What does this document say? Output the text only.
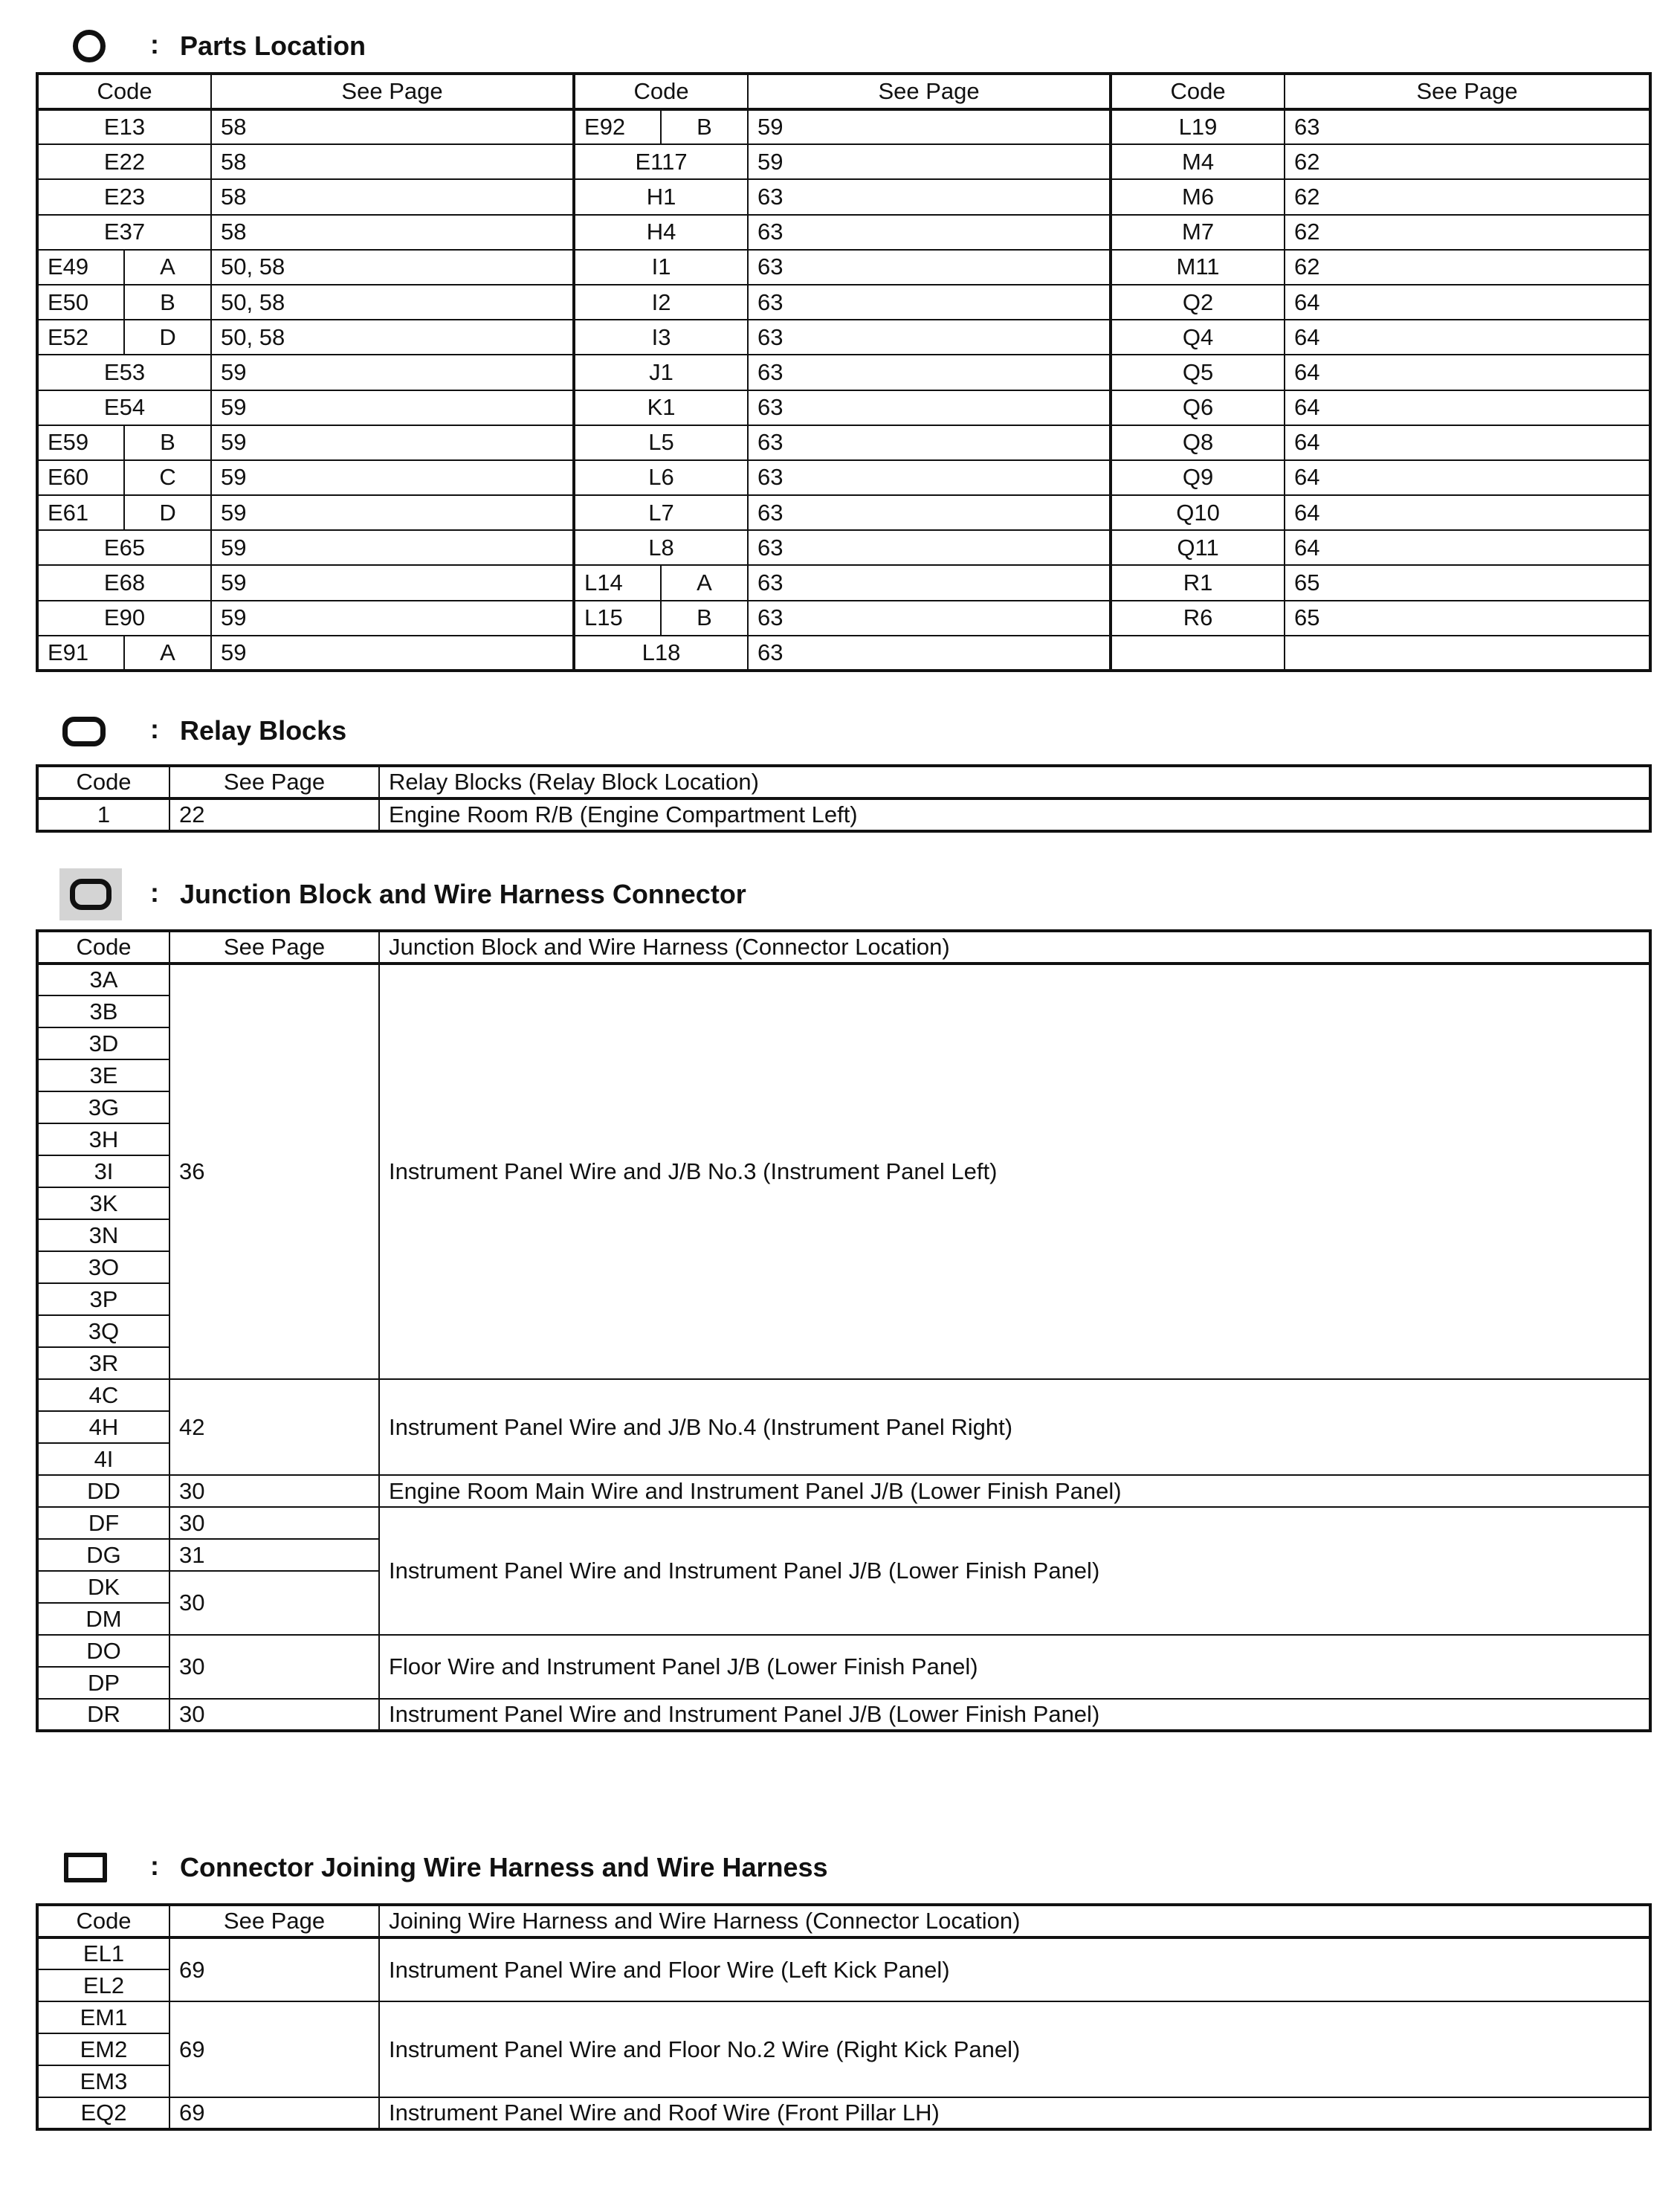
: Parts Location
Code		See Page	Code		See Page	Code	See Page
E13		58	E92	B	59	L19	63
E22		58	E117		59	M4	62
E23		58	H1		63	M6	62
E37		58	H4		63	M7	62
E49	A	50, 58	I1		63	M11	62
E50	B	50, 58	I2		63	Q2	64
E52	D	50, 58	I3		63	Q4	64
E53		59	J1		63	Q5	64
E54		59	K1		63	Q6	64
E59	B	59	L5		63	Q8	64
E60	C	59	L6		63	Q9	64
E61	D	59	L7		63	Q10	64
E65		59	L8		63	Q11	64
E68		59	L14	A	63	R1	65
E90		59	L15	B	63	R6	65
E91	A	59	L18		63		
: Relay Blocks
Code	See Page	Relay Blocks (Relay Block Location)
1	22	Engine Room R/B (Engine Compartment Left)
: Junction Block and Wire Harness Connector
Code	See Page	Junction Block and Wire Harness (Connector Location)
3A	36	Instrument Panel Wire and J/B No.3 (Instrument Panel Left)
3B		
3D		
3E		
3G		
3H		
3I		
3K		
3N		
3O		
3P		
3Q		
3R		
4C	42	Instrument Panel Wire and J/B No.4 (Instrument Panel Right)
4H		
4I		
DD	30	Engine Room Main Wire and Instrument Panel J/B (Lower Finish Panel)
DF	30	Instrument Panel Wire and Instrument Panel J/B (Lower Finish Panel)
DG	31	
DK	30	
DM		
DO	30	Floor Wire and Instrument Panel J/B (Lower Finish Panel)
DP		
DR	30	Instrument Panel Wire and Instrument Panel J/B (Lower Finish Panel)
: Connector Joining Wire Harness and Wire Harness
Code	See Page	Joining Wire Harness and Wire Harness (Connector Location)
EL1	69	Instrument Panel Wire and Floor Wire (Left Kick Panel)
EL2		
EM1	69	Instrument Panel Wire and Floor No.2 Wire (Right Kick Panel)
EM2		
EM3		
EQ2	69	Instrument Panel Wire and Roof Wire (Front Pillar LH)
